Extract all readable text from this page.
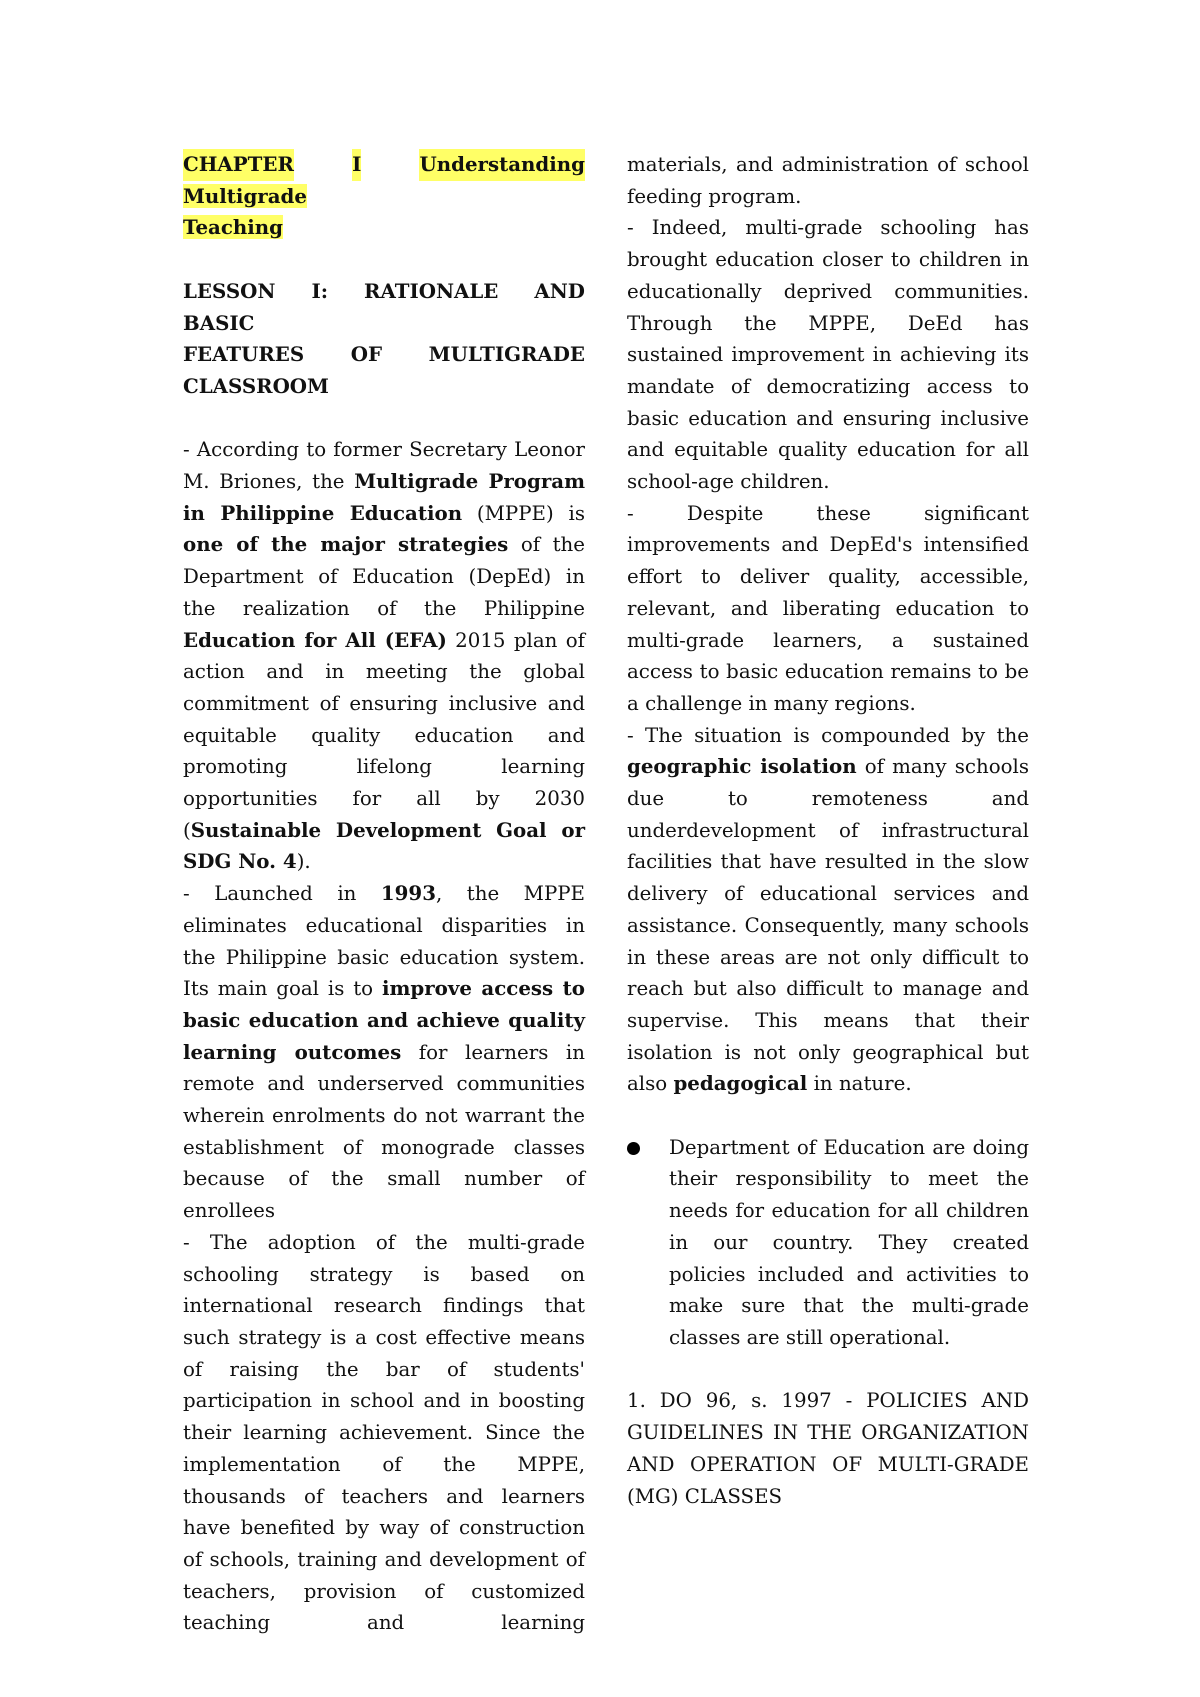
CHAPTER	I	Understanding
Multigrade
Teaching
LESSON I: RATIONALE AND
BASIC
FEATURES OF MULTIGRADE
CLASSROOM

- According to former Secretary Leonor M. Briones, the Multigrade Program in Philippine Education (MPPE) is one of the major strategies of the Department of Education (DepEd) in the realization of the Philippine Education for All (EFA) 2015 plan of action and in meeting the global commitment of ensuring inclusive and equitable quality education and promoting lifelong learning opportunities for all by 2030 (Sustainable Development Goal or SDG No. 4).

- Launched in 1993, the MPPE eliminates educational disparities in the Philippine basic education system. Its main goal is to improve access to basic education and achieve quality learning outcomes for learners in remote and underserved communities wherein enrolments do not warrant the establishment of monograde classes because of the small number of enrollees

- The adoption of the multi-grade schooling strategy is based on international research findings that such strategy is a cost effective means of raising the bar of students' participation in school and in boosting their learning achievement. Since the implementation of the MPPE, thousands of teachers and learners have benefited by way of construction of schools, training and development of teachers, provision of customized teaching and learning

materials, and administration of school feeding program.

- Indeed, multi-grade schooling has brought education closer to children in educationally deprived communities. Through the MPPE, DeEd has sustained improvement in achieving its mandate of democratizing access to basic education and ensuring inclusive and equitable quality education for all school-age children.

- Despite these significant improvements and DepEd's intensified effort to deliver quality, accessible, relevant, and liberating education to multi-grade learners, a sustained access to basic education remains to be a challenge in many regions.

- The situation is compounded by the geographic isolation of many schools due to remoteness and underdevelopment of infrastructural facilities that have resulted in the slow delivery of educational services and assistance. Consequently, many schools in these areas are not only difficult to reach but also difficult to manage and supervise. This means that their isolation is not only geographical but also pedagogical in nature.

Department of Education are doing their responsibility to meet the needs for education for all children in our country. They created policies included and activities to make sure that the multi-grade classes are still operational.

1. DO 96, s. 1997 - POLICIES AND GUIDELINES IN THE ORGANIZATION AND OPERATION OF MULTI-GRADE (MG) CLASSES
